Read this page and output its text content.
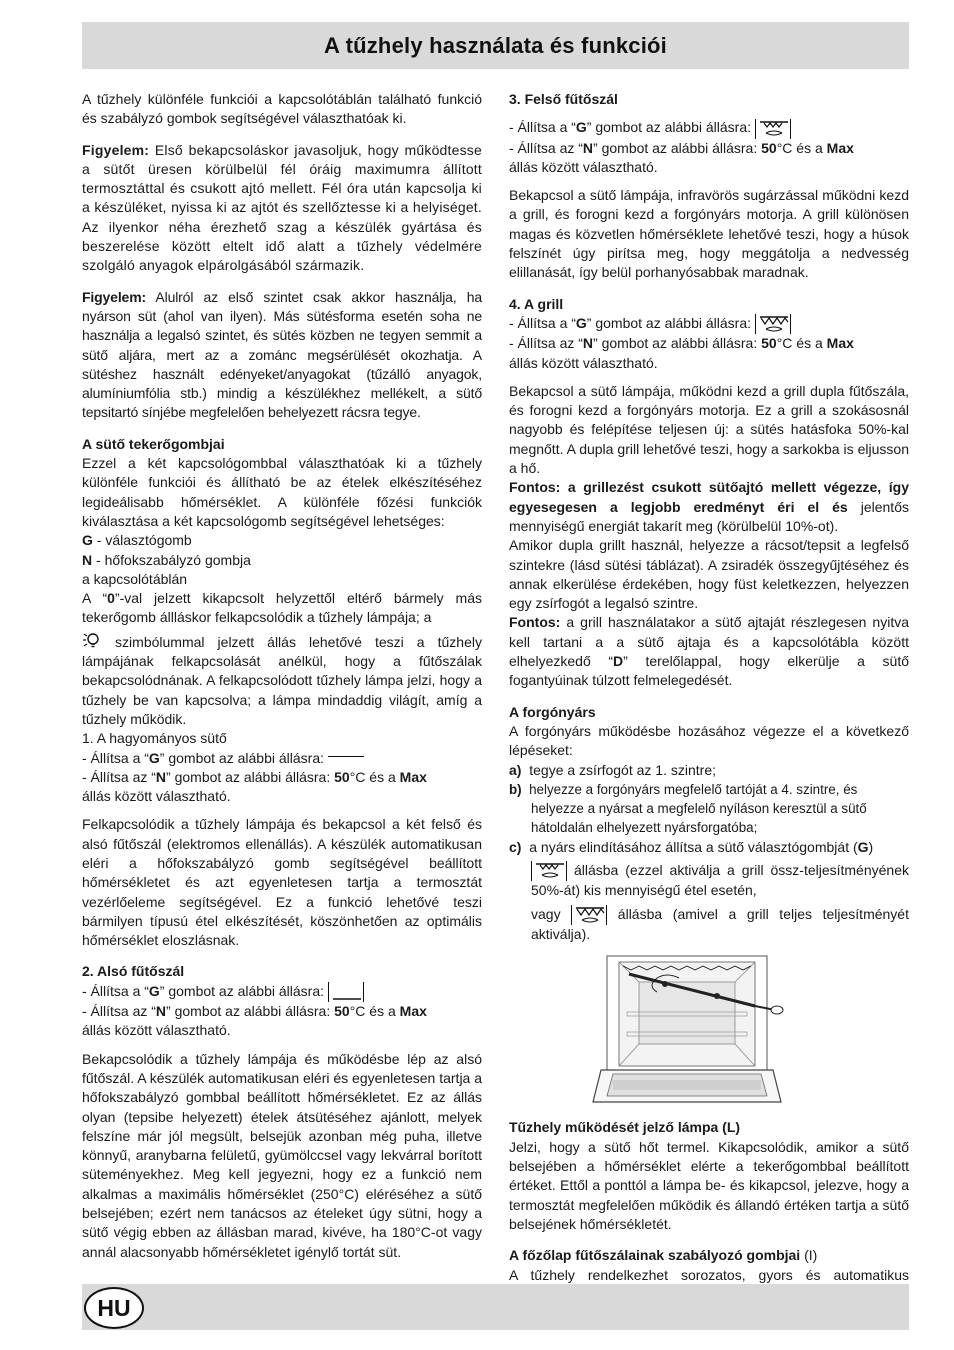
A tűzhely használata és funkciói

A tűzhely különféle funkciói a kapcsolótáblán található funkció és szabályzó gombok segítségével választhatóak ki.

Figyelem: Első bekapcsoláskor javasoljuk, hogy működtesse a sütőt üresen körülbelül fél óráig maximumra állított termosztáttal és csukott ajtó mellett. Fél óra után kapcsolja ki a készüléket, nyissa ki az ajtót és szellőztesse ki a helyiséget. Az ilyenkor néha érezhető szag a készülék gyártása és beszerelése között eltelt idő alatt a tűzhely védelmére szolgáló anyagok elpárolgásából származik.

Figyelem: Alulról az első szintet csak akkor használja, ha nyárson süt (ahol van ilyen). Más sütésforma esetén soha ne használja a legalsó szintet, és sütés közben ne tegyen semmit a sütő aljára, mert az a zománc megsérülését okozhatja. A sütéshez használt edényeket/anyagokat (tűzálló anyagok, alumíniumfólia stb.) mindig a készülékhez mellékelt, a sütő tepsitartó sínjébe megfelelően behelyezett rácsra tegye.

A sütő tekerőgombjai

Ezzel a két kapcsológombbal választhatóak ki a tűzhely különféle funkciói és állítható be az ételek elkészítéséhez legideálisabb hőmérséklet. A különféle főzési funkciók kiválasztása a két kapcsológomb segítségével lehetséges:

G - választógomb

N - hőfokszabályzó gombja

a kapcsolótáblán

A “0”-val jelzett kikapcsolt helyzettől eltérő bármely más tekerőgomb állláskor felkapcsolódik a tűzhely lámpája; a

szimbólummal jelzett állás lehetővé teszi a tűzhely lámpájának felkapcsolását anélkül, hogy a fűtőszálak bekapcsolódnának. A felkapcsolódott tűzhely lámpa jelzi, hogy a tűzhely be van kapcsolva; a lámpa mindaddig világít, amíg a tűzhely működik.

1. A hagyományos sütő

- Állítsa a “G” gombot az alábbi állásra:

- Állítsa az “N” gombot az alábbi állásra: 50°C és a Max

állás között választható.

Felkapcsolódik a tűzhely lámpája és bekapcsol a két felső és alsó fűtőszál (elektromos ellenállás). A készülék automatikusan eléri a hőfokszabályzó gomb segítségével beállított hőmérsékletet és azt egyenletesen tartja a termosztát vezérlőeleme segítségével. Ez a funkció lehetővé teszi bármilyen típusú étel elkészítését, köszönhetően az optimális hőmérséklet eloszlásnak.

2. Alsó fűtőszál

- Állítsa a “G” gombot az alábbi állásra:

- Állítsa az “N” gombot az alábbi állásra: 50°C és a Max

állás között választható.

Bekapcsolódik a tűzhely lámpája és működésbe lép az alsó fűtőszál. A készülék automatikusan eléri és egyenletesen tartja a hőfokszabályzó gombbal beállított hőmérsékletet. Ez az állás olyan (tepsibe helyezett) ételek átsütéséhez ajánlott, melyek felszíne már jól megsült, belsejük azonban még puha, illetve könnyű, aranybarna felületű, gyümölccsel vagy lekvárral borított süteményekhez. Meg kell jegyezni, hogy ez a funkció nem alkalmas a maximális hőmérséklet (250°C) eléréséhez a sütő belsejében; ezért nem tanácsos az ételeket úgy sütni, hogy a sütő végig ebben az állásban marad, kivéve, ha 180°C-ot vagy annál alacsonyabb hőmérsékletet igénylő tortát süt.

3. Felső fűtőszál

- Állítsa a “G” gombot az alábbi állásra:

- Állítsa az “N” gombot az alábbi állásra: 50°C és a Max

állás között választható.

Bekapcsol a sütő lámpája, infravörös sugárzással működni kezd a grill, és forogni kezd a forgónyárs motorja. A grill különösen magas és közvetlen hőmérséklete lehetővé teszi, hogy a húsok felszínét úgy pirítsa meg, hogy meggátolja a nedvesség elillanását, így belül porhanyósabbak maradnak.

4. A grill

- Állítsa a “G” gombot az alábbi állásra:

- Állítsa az “N” gombot az alábbi állásra: 50°C és a Max

állás között választható.

Bekapcsol a sütő lámpája, működni kezd a grill dupla fűtőszála, és forogni kezd a forgónyárs motorja. Ez a grill a szokásosnál nagyobb és felépítése teljesen új: a sütés hatásfoka 50%-kal megnőtt. A dupla grill lehetővé teszi, hogy a sarkokba is eljusson a hő.

Fontos: a grillezést csukott sütőajtó mellett végezze, így egyesegesen a legjobb eredményt éri el és jelentős mennyiségű energiát takarít meg (körülbelül 10%-ot).

Amikor dupla grillt használ, helyezze a rácsot/tepsit a legfelső szintekre (lásd sütési táblázat). A zsiradék összegyűjtéséhez és annak elkerülése érdekében, hogy füst keletkezzen, helyezzen egy zsírfogót a legalsó szintre.

Fontos: a grill használatakor a sütő ajtaját részlegesen nyitva kell tartani a a sütő ajtaja és a kapcsolótábla között elhelyezkedő “D” terelőlappal, hogy elkerülje a sütő fogantyúinak túlzott felmelegedését.

A forgónyárs

A forgónyárs működésbe hozásához végezze el a következő lépéseket:

a) tegye a zsírfogót az 1. szintre;

b) helyezze a forgónyárs megfelelő tartóját a 4. szintre, és helyezze a nyársat a megfelelő nyíláson keresztül a sütő hátoldalán elhelyezett nyársforgatóba;

c) a nyárs elindításához állítsa a sütő választógombját (G)

állásba (ezzel aktiválja a grill össz-teljesítményének 50%-át) kis mennyiségű étel esetén,

vagy	állásba (amivel a grill teljes teljesítményét aktiválja).

Tűzhely működését jelző lámpa (L)

Jelzi, hogy a sütő hőt termel. Kikapcsolódik, amikor a sütő belsejében a hőmérséklet elérte a tekerőgombbal beállított értéket. Ettől a ponttól a lámpa be- és kikapcsol, jelezve, hogy a termosztát megfelelően működik és állandó értéken tartja a sütő belsejének hőmérsékletét.

A főzőlap fűtőszálainak szabályozó gombjai (I)

A tűzhely rendelkezhet sorozatos, gyors és automatikus

HU
